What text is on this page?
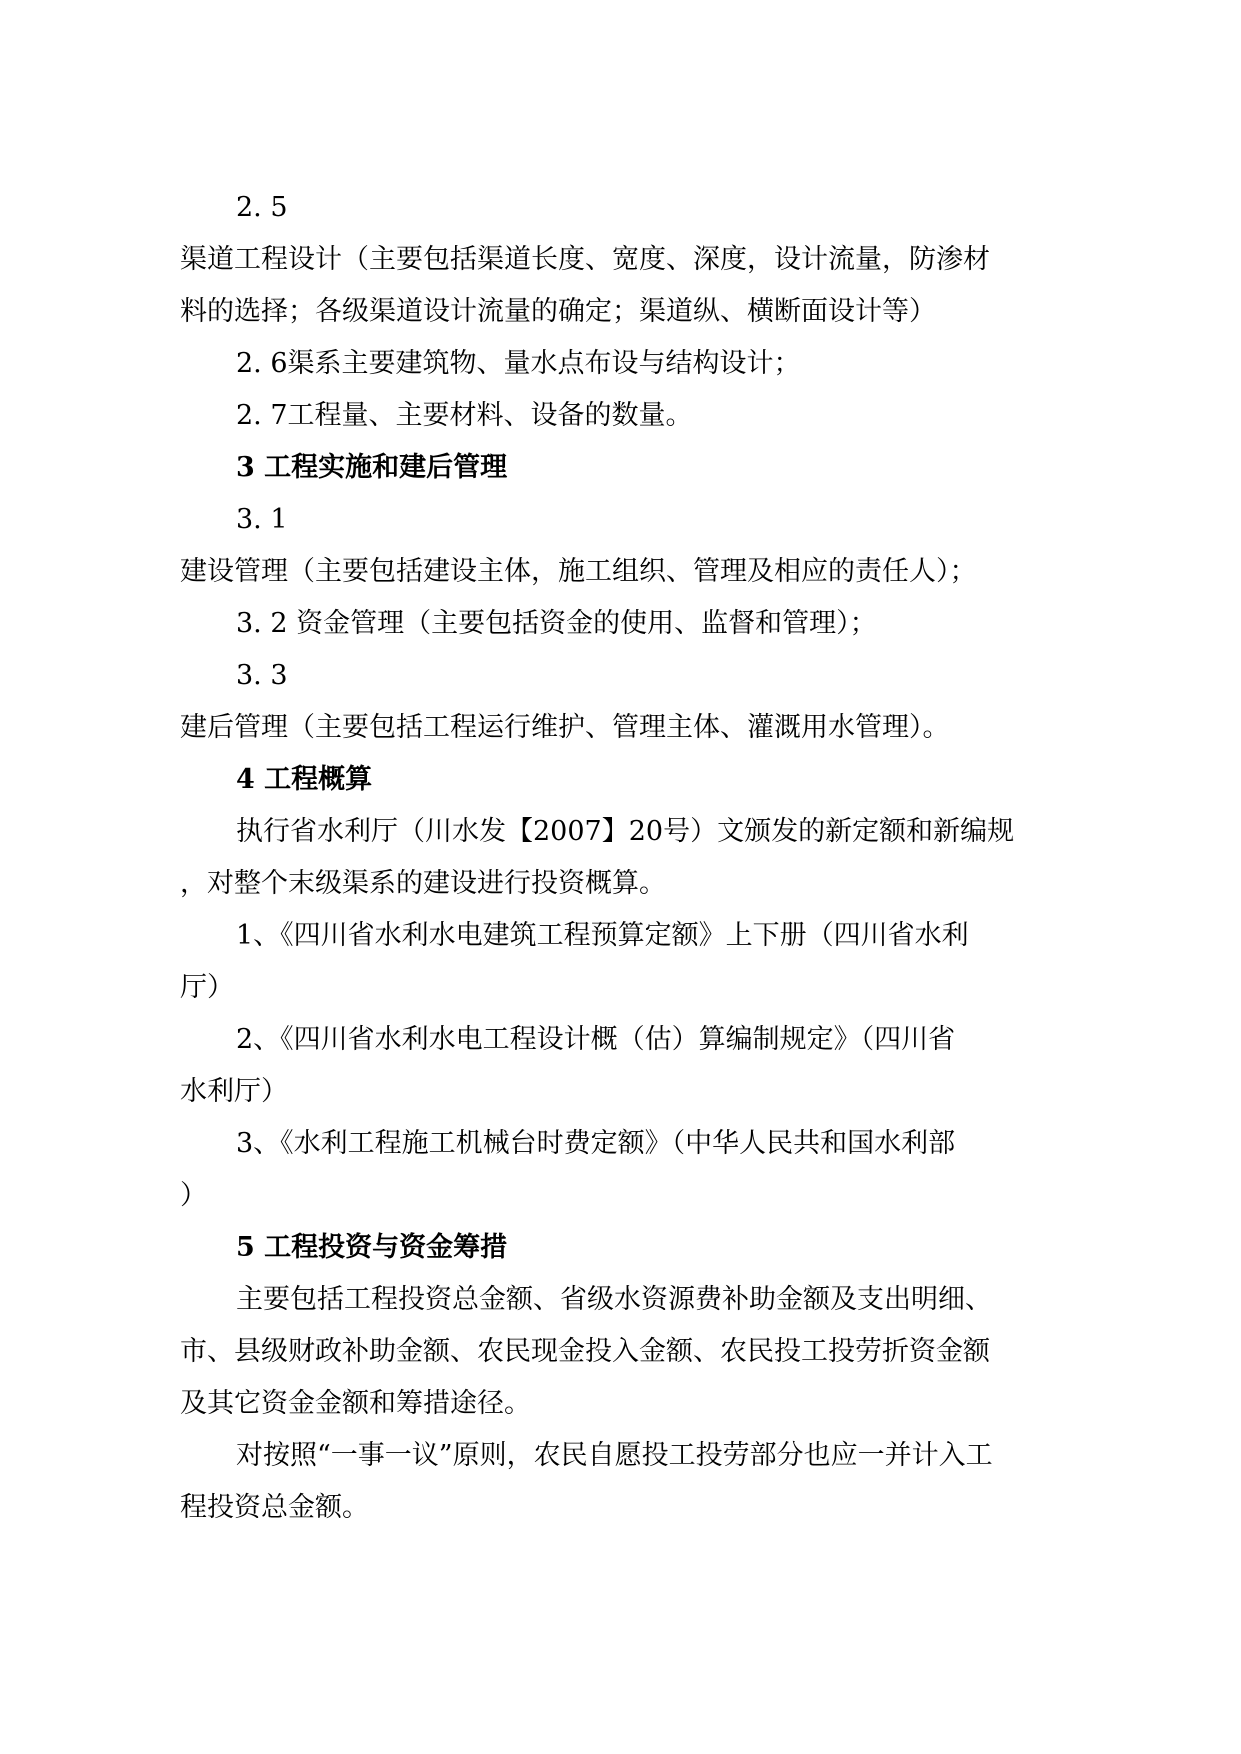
2. 5
渠道工程设计（主要包括渠道长度、宽度、深度，设计流量，防渗材
料的选择；各级渠道设计流量的确定；渠道纵、横断面设计等）
2. 6渠系主要建筑物、量水点布设与结构设计；
2. 7工程量、主要材料、设备的数量。
3 工程实施和建后管理
3. 1
建设管理（主要包括建设主体，施工组织、管理及相应的责任人）；
3. 2 资金管理（主要包括资金的使用、监督和管理）；
3. 3
建后管理（主要包括工程运行维护、管理主体、灌溉用水管理）。
4 工程概算
执行省水利厅（川水发【2007】20号）文颁发的新定额和新编规
，对整个末级渠系的建设进行投资概算。
1、《四川省水利水电建筑工程预算定额》上下册（四川省水利
厅）
2、《四川省水利水电工程设计概（估）算编制规定》（四川省
水利厅）
3、《水利工程施工机械台时费定额》（中华人民共和国水利部
）
5 工程投资与资金筹措
主要包括工程投资总金额、省级水资源费补助金额及支出明细、
市、县级财政补助金额、农民现金投入金额、农民投工投劳折资金额
及其它资金金额和筹措途径。
对按照“一事一议”原则，农民自愿投工投劳部分也应一并计入工
程投资总金额。
